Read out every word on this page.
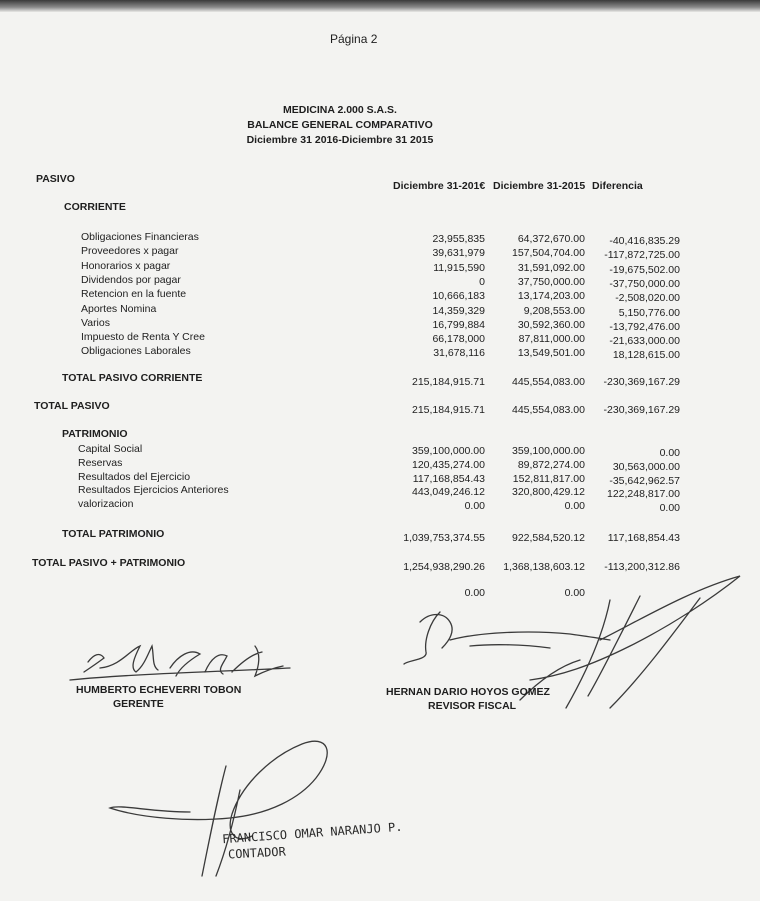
Página 2
MEDICINA 2.000 S.A.S.
BALANCE GENERAL COMPARATIVO
Diciembre 31 2016-Diciembre 31 2015
PASIVO
Diciembre 31-201€ Diciembre 31-2015 Diferencia
CORRIENTE
Obligaciones Financieras	23,955,835	64,372,670.00 -40,416,835.29
Proveedores x pagar	39,631,979	157,504,704.00 -117,872,725.00
Honorarios x pagar	11,915,590	31,591,092.00 -19,675,502.00
Dividendos por pagar	0	37,750,000.00 -37,750,000.00
Retencion en la fuente	10,666,183	13,174,203.00	-2,508,020.00
Aportes Nomina	14,359,329	9,208,553.00	5,150,776.00
Varios	16,799,884	30,592,360.00 -13,792,476.00
Impuesto de Renta Y Cree	66,178,000	87,811,000.00 -21,633,000.00
Obligaciones Laborales	31,678,116	13,549,501.00	18,128,615.00
TOTAL PASIVO CORRIENTE	215,184,915.71	445,554,083.00 -230,369,167.29
TOTAL PASIVO	215,184,915.71	445,554,083.00 -230,369,167.29
PATRIMONIO
Capital Social	359,100,000.00	359,100,000.00	0.00
Reservas	120,435,274.00	89,872,274.00	30,563,000.00
Resultados del Ejercicio	117,168,854.43	152,811,817.00 -35,642,962.57
Resultados Ejercicios Anteriores	443,049,246.12	320,800,429.12 122,248,817.00
valorizacion	0.00	0.00	0.00
TOTAL PATRIMONIO	1,039,753,374.55	922,584,520.12 117,168,854.43
TOTAL PASIVO + PATRIMONIO	1,254,938,290.26 1,368,138,603.12 -113,200,312.86
0.00	0.00
HUMBERTO ECHEVERRI TOBON
GERENTE
HERNAN DARIO HOYOS GOMEZ
REVISOR FISCAL
FRANCISCO OMAR NARANJO P.
CONTADOR
